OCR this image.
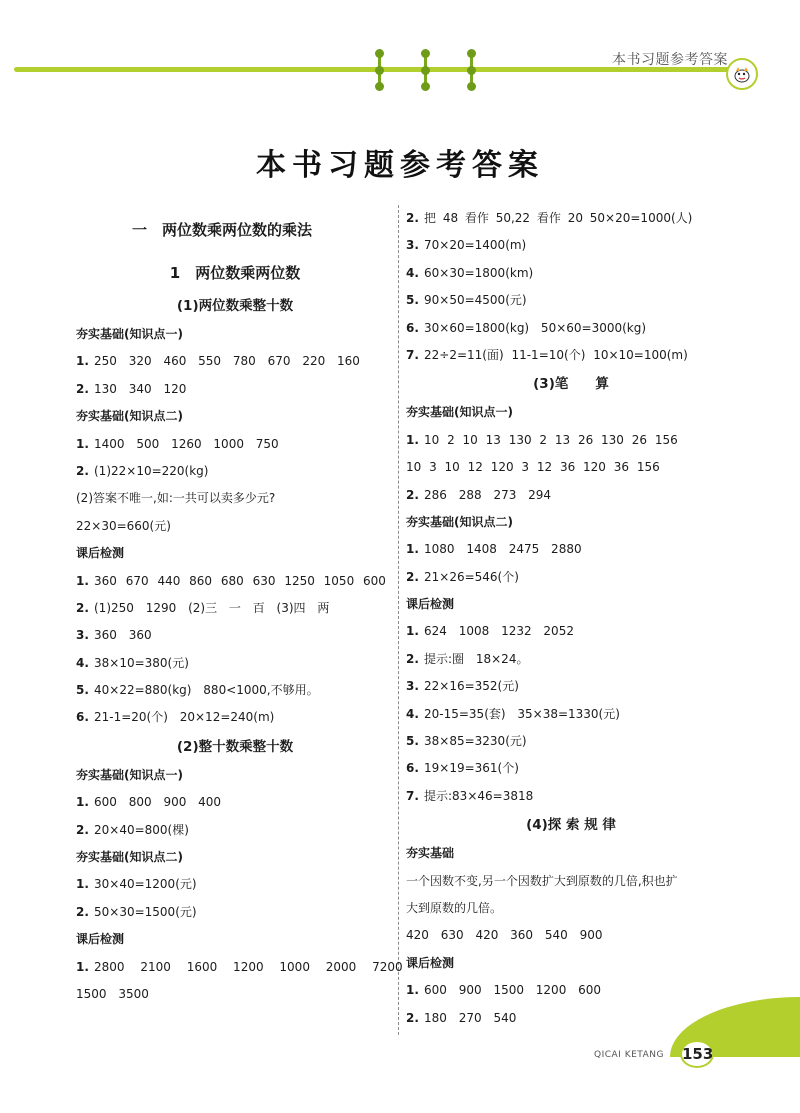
本书习题参考答案
本书习题参考答案

一　 两位数乘两位数的乘法

1　 两位数乘两位数

(1)两位数乘整十数

夯实基础(知识点一)

1. 250 320 460 550 780 670 220 160

2. 130 340 120

夯实基础(知识点二)

1. 1400 500 1260 1000 750

2. (1)22×10=220(kg)

(2)答案不唯一,如:一共可以卖多少元?

22×30=660(元)

课后检测

1. 360 670 440 860 680 630 1250 1050 600

2. (1)250 1290 (2)三 一 百 (3)四 两

3. 360 360

4. 38×10=380(元)

5. 40×22=880(kg) 880<1000,不够用。

6. 21-1=20(个) 20×12=240(m)

(2)整十数乘整十数

夯实基础(知识点一)

1. 600 800 900 400

2. 20×40=800(棵)

夯实基础(知识点二)

1. 30×40=1200(元)

2. 50×30=1500(元)

课后检测

1. 2800 2100 1600 1200 1000 2000 7200

1500 3500

2. 把 48 看作 50,22 看作 20 50×20=1000(人)

3. 70×20=1400(m)

4. 60×30=1800(km)

5. 90×50=4500(元)

6. 30×60=1800(kg) 50×60=3000(kg)

7. 22÷2=11(面) 11-1=10(个) 10×10=100(m)

(3)笔　　算

夯实基础(知识点一)

1. 10 2 10 13 130 2 13 26 130 26 156

10 3 10 12 120 3 12 36 120 36 156

2. 286 288 273 294

夯实基础(知识点二)

1. 1080 1408 2475 2880

2. 21×26=546(个)

课后检测

1. 624 1008 1232 2052

2. 提示:圈 18×24。

3. 22×16=352(元)

4. 20-15=35(套) 35×38=1330(元)

5. 38×85=3230(元)

6. 19×19=361(个)

7. 提示:83×46=3818

(4)探 索 规 律

夯实基础

一个因数不变,另一个因数扩大到原数的几倍,积也扩

大到原数的几倍。

420 630 420 360 540 900

课后检测

1. 600 900 1500 1200 600

2. 180 270 540

QICAI KETANG 153
